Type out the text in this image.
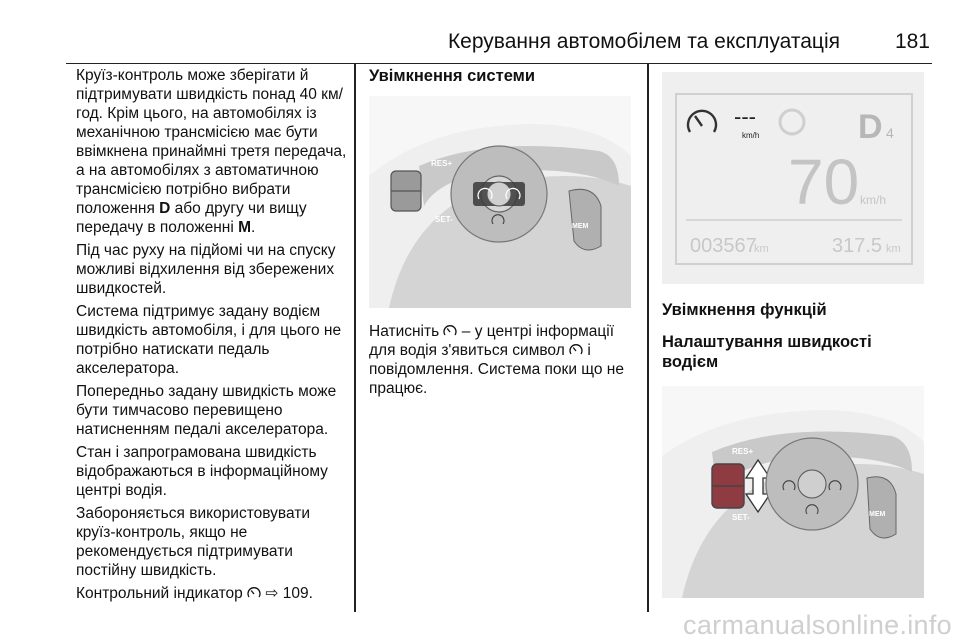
Керування автомобілем та експлуатація	181

Круїз-контроль може зберігати й підтримувати швидкість понад 40 км/год. Крім цього, на автомобілях із механічною трансмісією має бути ввімкнена принаймні третя передача, а на автомобілях з автоматичною трансмісією потрібно вибрати положення D або другу чи вищу передачу в положенні M.

Під час руху на підйомі чи на спуску можливі відхилення від збережених швидкостей.

Система підтримує задану водієм швидкість автомобіля, і для цього не потрібно натискати педаль акселератора.

Попередньо задану швидкість може бути тимчасово перевищено натисненням педалі акселератора.

Стан і запрограмована швидкість відображаються в інформаційному центрі водія.

Забороняється використовувати круїз-контроль, якщо не рекомендується підтримувати постійну швидкість.

Контрольний індикатор  ⇨ 109.

Увімкнення системи
RES+
SET-
MEM

Натисніть  – у центрі інформації для водія з'явиться символ  і повідомлення. Система поки що не працює.

---
km/h	D 4
70 km/h
003567
km	317.5 km
Увімкнення функцій
Налаштування швидкості водієм
RES+
SET-	MEM
carmanualsonline.info
